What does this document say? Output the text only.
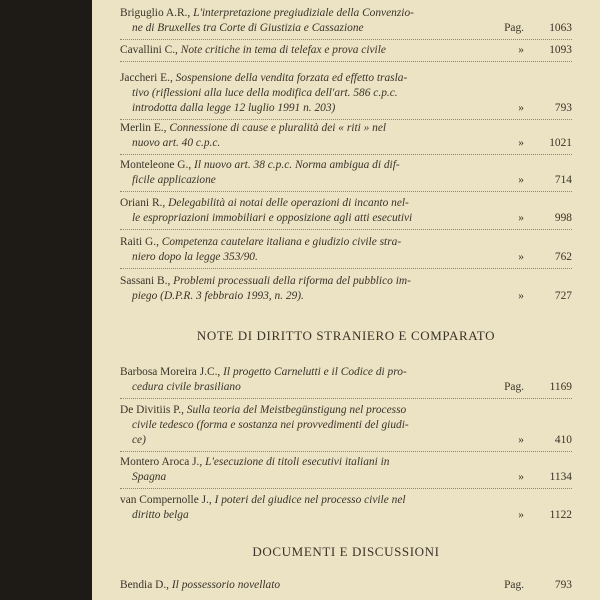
Briguglio A.R., L'interpretazione pregiudiziale della Convenzio-
ne di Bruxelles tra Corte di Giustizia e Cassazione	Pag. 1063
Cavallini C., Note critiche in tema di telefax e prova civile	» 1093
Jaccheri E., Sospensione della vendita forzata ed effetto trasla-
tivo (riflessioni alla luce della modifica dell'art. 586 c.p.c.
introdotta dalla legge 12 luglio 1991 n. 203)	»	793
Merlin E., Connessione di cause e pluralità dei « riti » nel
nuovo art. 40 c.p.c.	» 1021
Monteleone G., Il nuovo art. 38 c.p.c. Norma ambigua di dif-
ficile applicazione	»	714
Oriani R., Delegabilità ai notai delle operazioni di incanto nel-
le espropriazioni immobiliari e opposizione agli atti esecutivi	»	998
Raiti G., Competenza cautelare italiana e giudizio civile stra-
niero dopo la legge 353/90.	»	762
Sassani B., Problemi processuali della riforma del pubblico im-
piego (D.P.R. 3 febbraio 1993, n. 29).	»	727
NOTE DI DIRITTO STRANIERO E COMPARATO
Barbosa Moreira J.C., Il progetto Carnelutti e il Codice di pro-
cedura civile brasiliano	Pag. 1169
De Divitiis P., Sulla teoria del Meistbegünstigung nel processo
civile tedesco (forma e sostanza nei provvedimenti del giudi-
ce)	»	410
Montero Aroca J., L'esecuzione di titoli esecutivi italiani in
Spagna	» 1134
van Compernolle J., I poteri del giudice nel processo civile nel
diritto belga	» 1122
DOCUMENTI E DISCUSSIONI
Bendia D., Il possessorio novellato	Pag.	793
